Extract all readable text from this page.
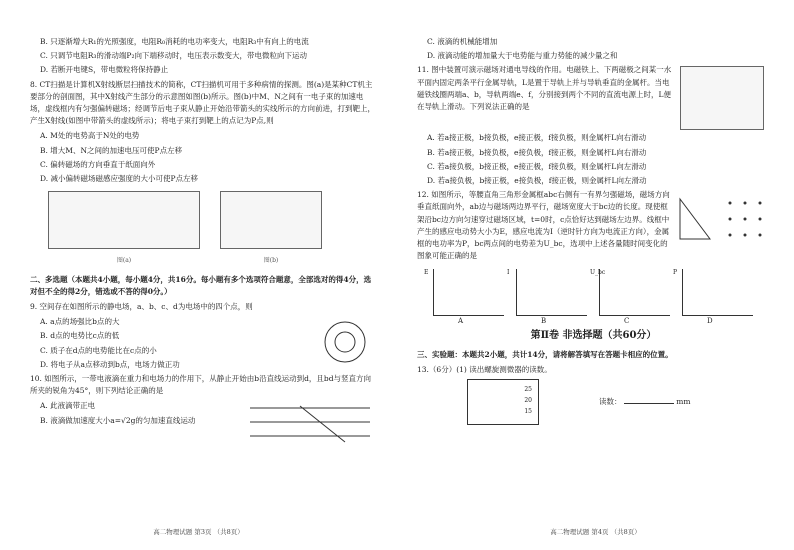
B. 只逐渐增大R₁的光照强度，电阻R₀消耗的电功率变大，电阻R₃中有向上的电流

C. 只调节电阻R₃的滑动端P₂向下端移动时，电压表示数变大，带电微粒向下运动

D. 若断开电键S，带电微粒将保持静止

8. CT扫描是计算机X射线断层扫描技术的简称，CT扫描机可用于多种病情的探测。图(a)是某种CT机主要部分的剖面图，其中X射线产生部分的示意图如图(b)所示。图(b)中M、N之间有一电子束的加速电场，虚线框内有匀强偏转磁场；经调节后电子束从静止开始沿带箭头的实线所示的方向前进，打到靶上，产生X射线(如图中带箭头的虚线所示)；将电子束打到靶上的点记为P点,则

A. M处的电势高于N处的电势

B. 增大M、N之间的加速电压可使P点左移

C. 偏转磁场的方向垂直于纸面向外

D. 减小偏转磁场磁感应强度的大小可使P点左移

图(a)	图(b)

二、多选题（本题共4小题，每小题4分，共16分。每小题有多个选项符合题意，全部选对的得4分，选对但不全的得2分，错选或不答的得0分。）

9. 空间存在如图所示的静电场，a、b、c、d为电场中的四个点，则

A. a点的场强比b点的大

B. d点的电势比c点的低

C. 质子在d点的电势能比在c点的小

D. 将电子从a点移动到b点，电场力做正功

10. 如图所示，一带电液滴在重力和电场力的作用下，从静止开始由b沿直线运动到d，且bd与竖直方向所夹的锐角为45°，则下列结论正确的是

A. 此液滴带正电

B. 液滴做加速度大小a=√2g的匀加速直线运动

高二物理试题 第3页 （共8页）

C. 液滴的机械能增加

D. 液滴动能的增加量大于电势能与重力势能的减少量之和

11. 图中装置可演示磁场对通电导线的作用。电磁铁上、下两磁极之间某一水平面内固定两条平行金属导轨，L是置于导轨上并与导轨垂直的金属杆。当电磁铁线圈两端a、b，导轨两端e、f，分别接到两个不同的直流电源上时，L便在导轨上滑动。下列说法正确的是

A. 若a接正极，b接负极，e接正极，f接负极，则金属杆L向右滑动

B. 若a接正极，b接负极，e接负极，f接正极，则金属杆L向右滑动

C. 若a接负极，b接正极，e接正极，f接负极，则金属杆L向左滑动

D. 若a接负极，b接正极，e接负极，f接正极，则金属杆L向左滑动

12. 如图所示，等腰直角三角形金属框abc右侧有一有界匀强磁场，磁场方向垂直纸面向外，ab边与磁场两边界平行，磁场宽度大于bc边的长度。现使框架沿bc边方向匀速穿过磁场区域，t=0时，c点恰好达到磁场左边界。线框中产生的感应电动势大小为E，感应电流为I（逆时针方向为电流正方向），金属框的电功率为P，bc两点间的电势差为U_bc，选项中上述各量随时间变化的图象可能正确的是

E
A
I
B
U_bc
C
P
D
第Ⅱ卷 非选择题（共60分）

三、实验题：本题共2小题，共计14分，请将解答填写在答题卡相应的位置。

13.（6分）(1) 读出螺旋测微器的读数。

25
20
15
读数：	mm
高二物理试题 第4页 （共8页）
